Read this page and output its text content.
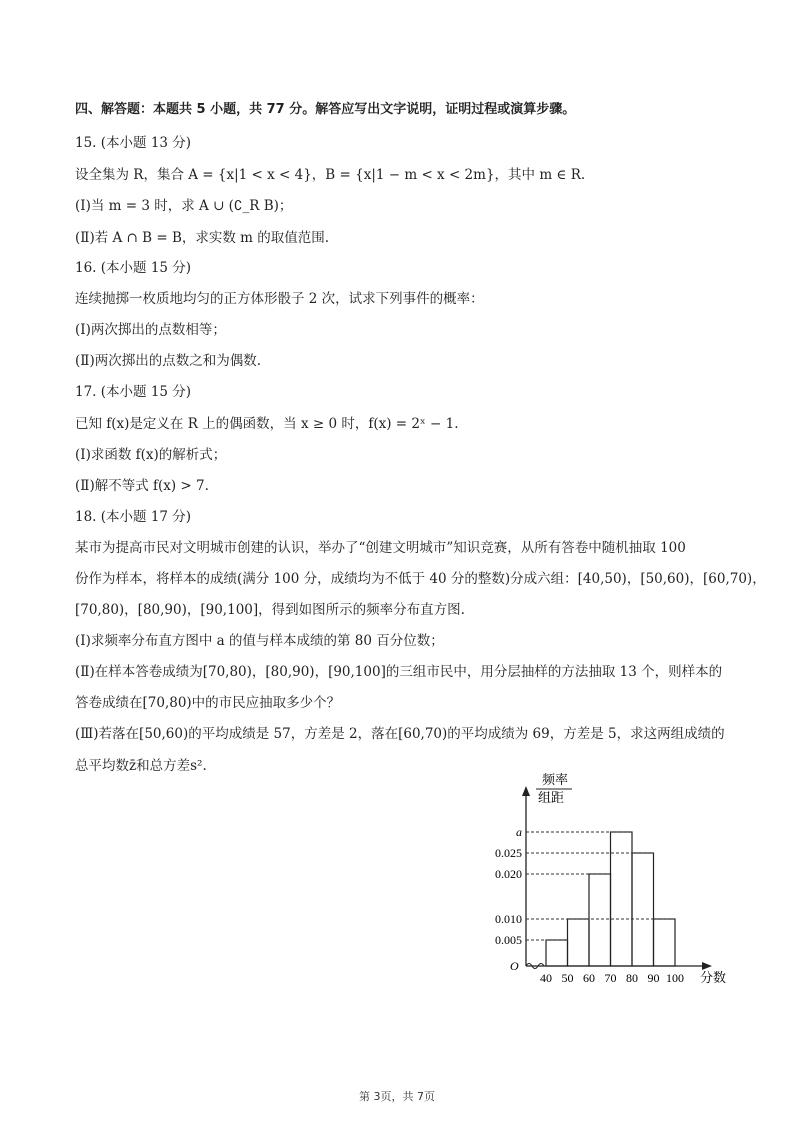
四、解答题：本题共 5 小题，共 77 分。解答应写出文字说明，证明过程或演算步骤。
15. (本小题 13 分)
设全集为 R，集合 A = {x|1 < x < 4}，B = {x|1 − m < x < 2m}，其中 m ∈ R.
(Ⅰ)当 m = 3 时，求 A ∪ (∁_R B)；
(Ⅱ)若 A ∩ B = B，求实数 m 的取值范围.
16. (本小题 15 分)
连续抛掷一枚质地均匀的正方体形骰子 2 次，试求下列事件的概率：
(Ⅰ)两次掷出的点数相等；
(Ⅱ)两次掷出的点数之和为偶数.
17. (本小题 15 分)
已知 f(x)是定义在 R 上的偶函数，当 x ≥ 0 时，f(x) = 2ˣ − 1.
(Ⅰ)求函数 f(x)的解析式；
(Ⅱ)解不等式 f(x) > 7.
18. (本小题 17 分)
某市为提高市民对文明城市创建的认识，举办了“创建文明城市”知识竞赛，从所有答卷中随机抽取 100
份作为样本，将样本的成绩(满分 100 分，成绩均为不低于 40 分的整数)分成六组：[40,50)，[50,60)，[60,70)，
[70,80)，[80,90)，[90,100]，得到如图所示的频率分布直方图.
(Ⅰ)求频率分布直方图中 a 的值与样本成绩的第 80 百分位数；
(Ⅱ)在样本答卷成绩为[70,80)，[80,90)，[90,100]的三组市民中，用分层抽样的方法抽取 13 个，则样本的
答卷成绩在[70,80)中的市民应抽取多少个？
(Ⅲ)若落在[50,60)的平均成绩是 57，方差是 2，落在[60,70)的平均成绩为 69，方差是 5，求这两组成绩的
总平均数z̄和总方差s².
频率
组距
O
分数
a
0.025
0.020
0.010
0.005
40 50 60 70 80 90 100
第 3页，共 7页
